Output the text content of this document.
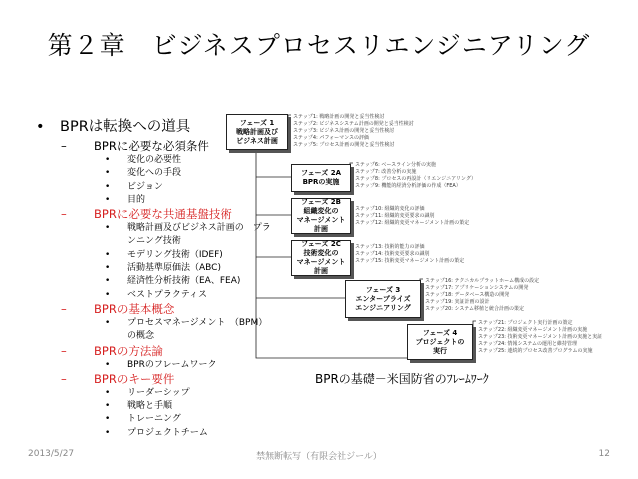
第２章　ビジネスプロセスリエンジニアリング
• BPRは転換への道具
– BPRに必要な必須条件
• 変化の必要性
• 変化への手段
• ビジョン
• 目的
– BPRに必要な共通基盤技術
• 戦略計画及びビジネス計画の　プランニング技術
• モデリング技術（IDEF)
• 活動基準原価法（ABC)
• 経済性分析技術（EA、FEA)
• ベストプラクティス
– BPRの基本概念
• プロセスマネージメント　（BPM）の概念
– BPRの方法論
• BPRのフレームワーク
– BPRのキー要件
• リーダーシップ
• 戦略と手順
• トレーニング
• プロジェクトチーム
フェーズ 1
戦略計画及び
ビジネス計画
ステップ1: 戦略計画の開発と妥当性検討
ステップ2: ビジネスシステム計画の開発と妥当性検討
ステップ3: ビジネス計画の開発と妥当性検討
ステップ4: パフォーマンスの評価
ステップ5: プロセス計画の開発と妥当性検討
フェーズ 2A
BPRの実施
ステップ6: ベースライン分析の実施
ステップ7: 改善分析の実施
ステップ8: プロセスの再設計（リエンジニアリング）
ステップ9: 機能的経済分析評価の作成（FEA）
フェーズ 2B
組織変化の
マネージメント
計画
ステップ10: 組織的変化の評価
ステップ11: 組織的変更要求の識別
ステップ12: 組織的変更マネージメント計画の策定
フェーズ 2C
技術変化の
マネージメント
計画
ステップ13: 技術的能力の評価
ステップ14: 技術変更要求の識別
ステップ15: 技術変更マネージメント計画の策定
フェーズ 3
エンタープライズ
エンジニアリング
ステップ16: テクニカルプラットホーム構成の設定
ステップ17: アプリケーションシステムの開発
ステップ18: データベース構造の開発
ステップ19: 実証計画の設計
ステップ20: システム移植と統合計画の策定
フェーズ 4
プロジェクトの
実行
ステップ21: プロジェクト実行計画の策定
ステップ22: 組織変更マネージメント計画の実施
ステップ23: 技術変更マネージメント計画の実施と実証
ステップ24: 情報システムの運用と維持管理
ステップ25: 連続的プロセス改善プログラムの実施
BPRの基礎－米国防省のﾌﾚｰﾑﾜｰｸ
2013/5/27	禁無断転写（有限会社ジール）	12
